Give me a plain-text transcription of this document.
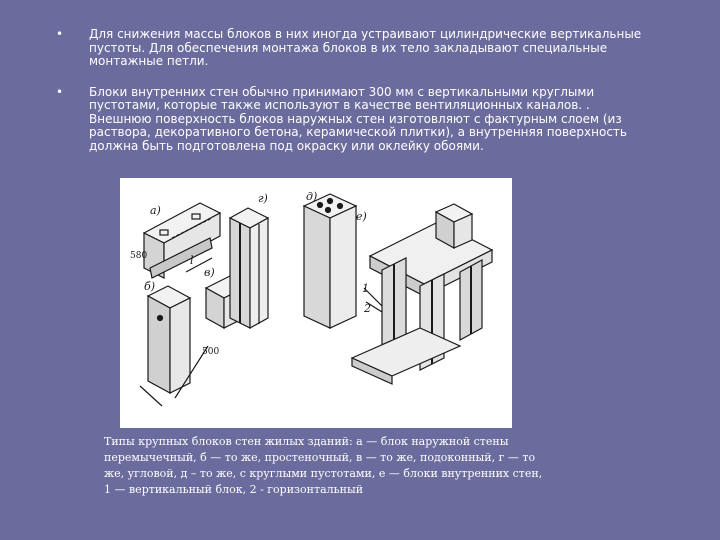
• Для снижения массы блоков в них иногда устраивают цилиндрические вертикальные
пустоты. Для обеспечения монтажа блоков в их тело закладывают специальные
монтажные петли.
• Блоки внутренних стен обычно принимают 300 мм с вертикальными круглыми
пустотами, которые также используют в качестве вентиляционных каналов. .
Внешнюю поверхность блоков наружных стен изготовляют с фактурным слоем (из
раствора, декоративного бетона, керамической плитки), а внутренняя поверхность
должна быть подготовлена под окраску или оклейку обоями.
а)
б)
в)
г)	д)
е)
1
2
580
500
l
Типы крупных блоков стен жилых зданий: а — блок наружной стены
перемычечный, б — то же, простеночный, в — то же, подоконный, г — то
же, угловой, д – то же, с круглыми пустотами, е — блоки внутренних стен,
1 — вертикальный блок, 2 - горизонтальный
